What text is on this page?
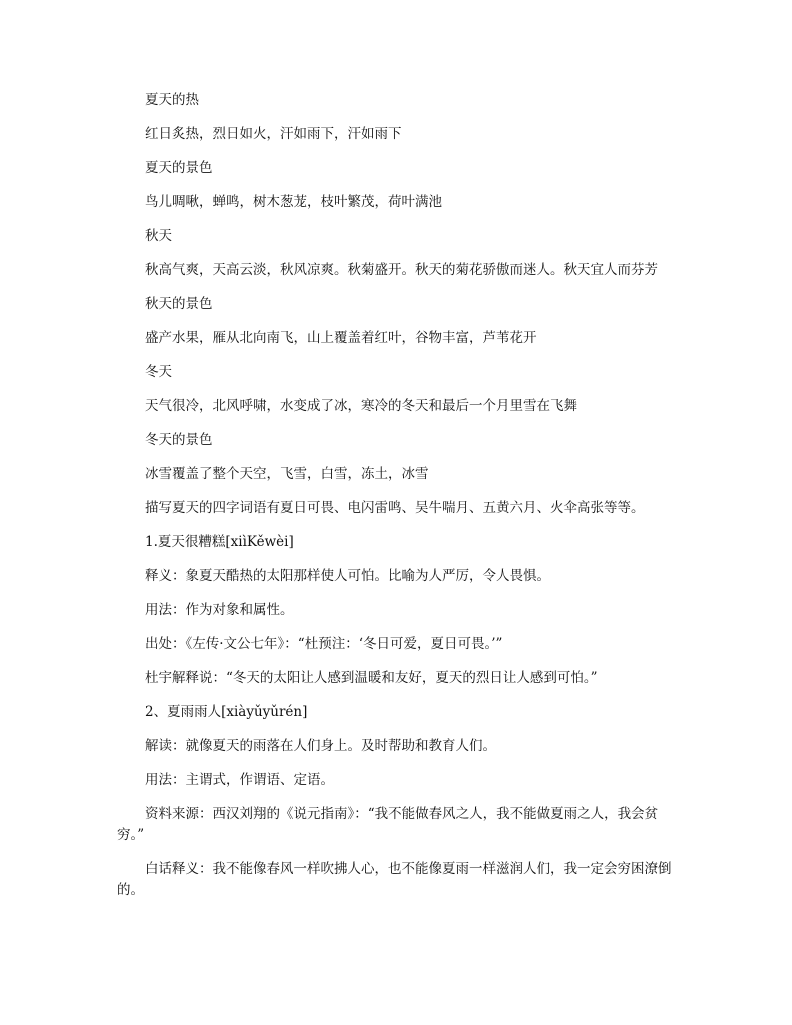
夏天的热

红日炙热，烈日如火，汗如雨下，汗如雨下

夏天的景色

鸟儿啁啾，蝉鸣，树木葱茏，枝叶繁茂，荷叶满池

秋天

秋高气爽，天高云淡，秋风凉爽。秋菊盛开。秋天的菊花骄傲而迷人。秋天宜人而芬芳

秋天的景色

盛产水果，雁从北向南飞，山上覆盖着红叶，谷物丰富，芦苇花开

冬天

天气很冷，北风呼啸，水变成了冰，寒冷的冬天和最后一个月里雪在飞舞

冬天的景色

冰雪覆盖了整个天空，飞雪，白雪，冻土，冰雪

描写夏天的四字词语有夏日可畏、电闪雷鸣、吴牛喘月、五黄六月、火伞高张等等。

1.夏天很糟糕[xiìKěwèi]

释义：象夏天酷热的太阳那样使人可怕。比喻为人严厉，令人畏惧。

用法：作为对象和属性。

出处：《左传·文公七年》：“杜预注：‘冬日可爱，夏日可畏。’”

杜宇解释说：“冬天的太阳让人感到温暖和友好，夏天的烈日让人感到可怕。”

2、夏雨雨人[xiàyǔyǔrén]

解读：就像夏天的雨落在人们身上。及时帮助和教育人们。

用法：主谓式，作谓语、定语。

资料来源：西汉刘翔的《说元指南》：“我不能做春风之人，我不能做夏雨之人，我会贫穷。”

白话释义：我不能像春风一样吹拂人心，也不能像夏雨一样滋润人们，我一定会穷困潦倒的。
